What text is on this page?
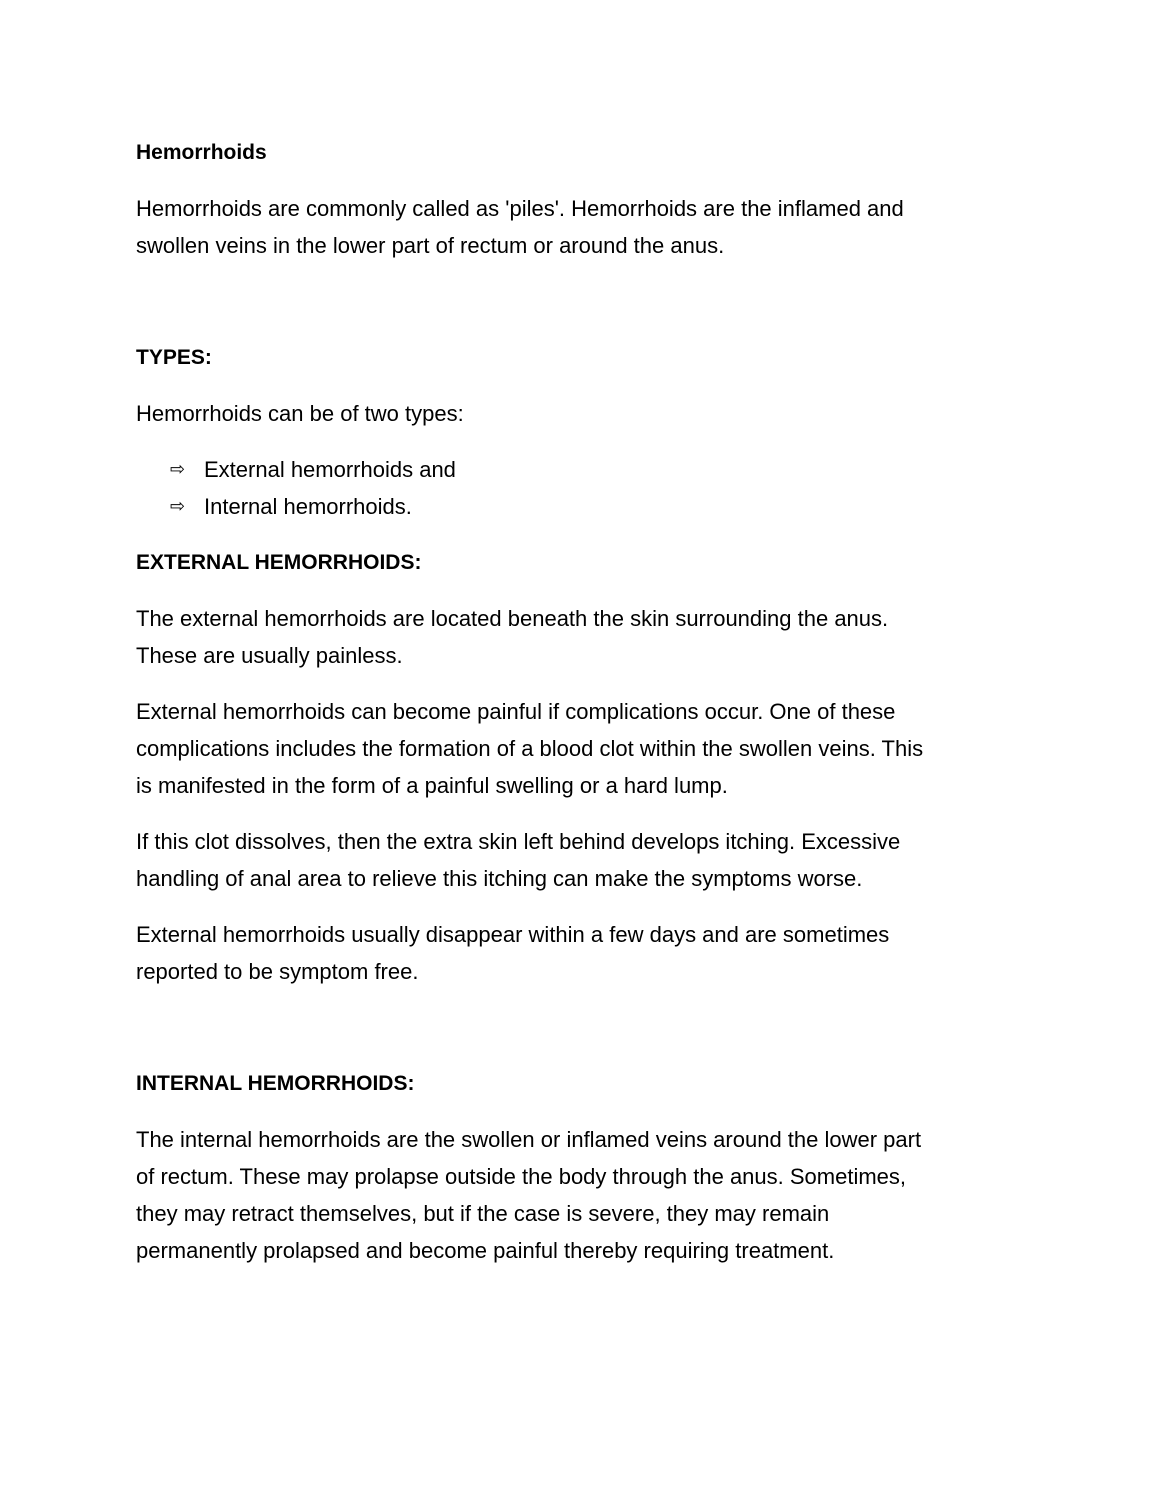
Hemorrhoids
Hemorrhoids are commonly called as 'piles'. Hemorrhoids are the inflamed and
swollen veins in the lower part of rectum or around the anus.
TYPES:
Hemorrhoids can be of two types:
⇨ External hemorrhoids and
⇨ Internal hemorrhoids.
EXTERNAL HEMORRHOIDS:
The external hemorrhoids are located beneath the skin surrounding the anus.
These are usually painless.
External hemorrhoids can become painful if complications occur. One of these
complications includes the formation of a blood clot within the swollen veins. This
is manifested in the form of a painful swelling or a hard lump.
If this clot dissolves, then the extra skin left behind develops itching. Excessive
handling of anal area to relieve this itching can make the symptoms worse.
External hemorrhoids usually disappear within a few days and are sometimes
reported to be symptom free.
INTERNAL HEMORRHOIDS:
The internal hemorrhoids are the swollen or inflamed veins around the lower part
of rectum. These may prolapse outside the body through the anus. Sometimes,
they may retract themselves, but if the case is severe, they may remain
permanently prolapsed and become painful thereby requiring treatment.
